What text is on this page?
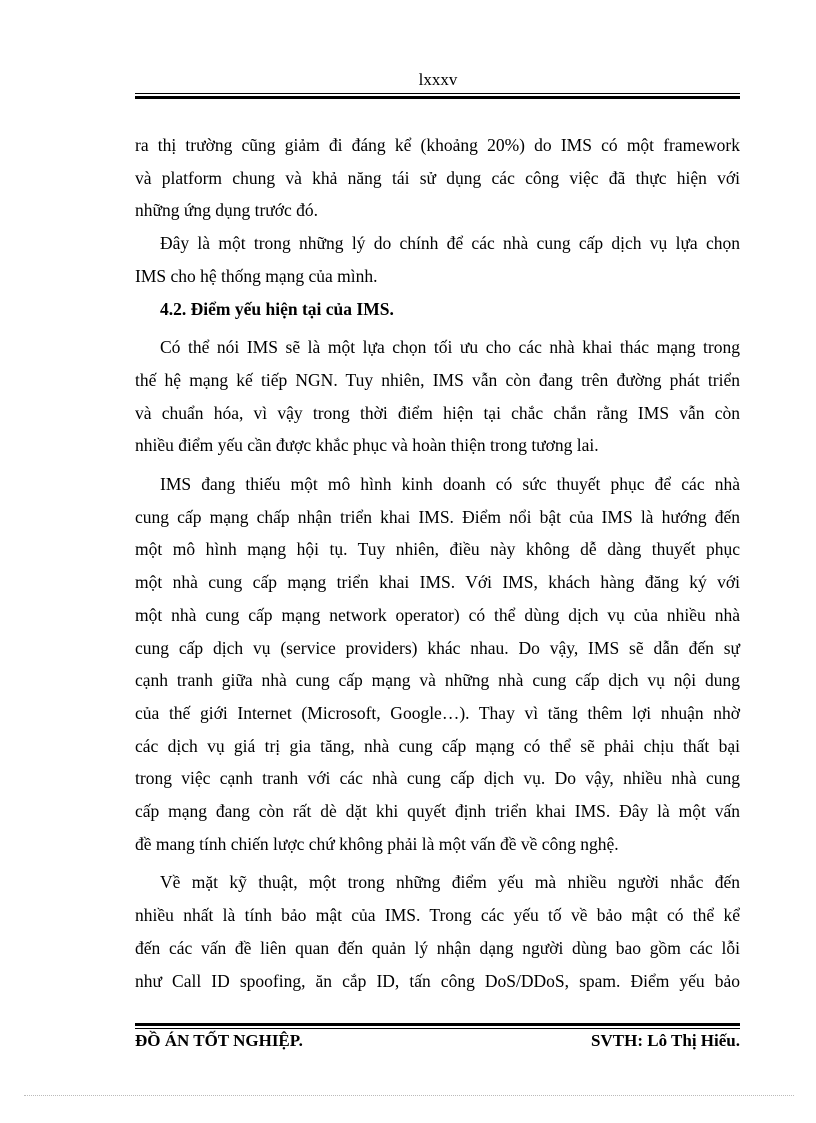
lxxxv

ra thị trường cũng giảm đi đáng kể (khoảng 20%) do IMS có một framework
và platform chung và khả năng tái sử dụng các công việc đã thực hiện với
những ứng dụng trước đó.

Đây là một trong những lý do chính để các nhà cung cấp dịch vụ lựa chọn
IMS cho hệ thống mạng của mình.

4.2. Điểm yếu hiện tại của IMS.

Có thể nói IMS sẽ là một lựa chọn tối ưu cho các nhà khai thác mạng trong
thế hệ mạng kế tiếp NGN. Tuy nhiên, IMS vẫn còn đang trên đường phát triển
và chuẩn hóa, vì vậy trong thời điểm hiện tại chắc chắn rằng IMS vẫn còn
nhiều điểm yếu cần được khắc phục và hoàn thiện trong tương lai.

IMS đang thiếu một mô hình kinh doanh có sức thuyết phục để các nhà
cung cấp mạng chấp nhận triển khai IMS. Điểm nổi bật của IMS là hướng đến
một mô hình mạng hội tụ. Tuy nhiên, điều này không dễ dàng thuyết phục
một nhà cung cấp mạng triển khai IMS. Với IMS, khách hàng đăng ký với
một nhà cung cấp mạng network operator) có thể dùng dịch vụ của nhiều nhà
cung cấp dịch vụ (service providers) khác nhau. Do vậy, IMS sẽ dẫn đến sự
cạnh tranh giữa nhà cung cấp mạng và những nhà cung cấp dịch vụ nội dung
của thế giới Internet (Microsoft, Google…). Thay vì tăng thêm lợi nhuận nhờ
các dịch vụ giá trị gia tăng, nhà cung cấp mạng có thể sẽ phải chịu thất bại
trong việc cạnh tranh với các nhà cung cấp dịch vụ. Do vậy, nhiều nhà cung
cấp mạng đang còn rất dè dặt khi quyết định triển khai IMS. Đây là một vấn
đề mang tính chiến lược chứ không phải là một vấn đề về công nghệ.

Về mặt kỹ thuật, một trong những điểm yếu mà nhiều người nhắc đến
nhiều nhất là tính bảo mật của IMS. Trong các yếu tố về bảo mật có thể kể
đến các vấn đề liên quan đến quản lý nhận dạng người dùng bao gồm các lỗi
như Call ID spoofing, ăn cắp ID, tấn công DoS/DDoS, spam. Điểm yếu bảo

ĐỒ ÁN TỐT NGHIỆP.	SVTH: Lô Thị Hiếu.
